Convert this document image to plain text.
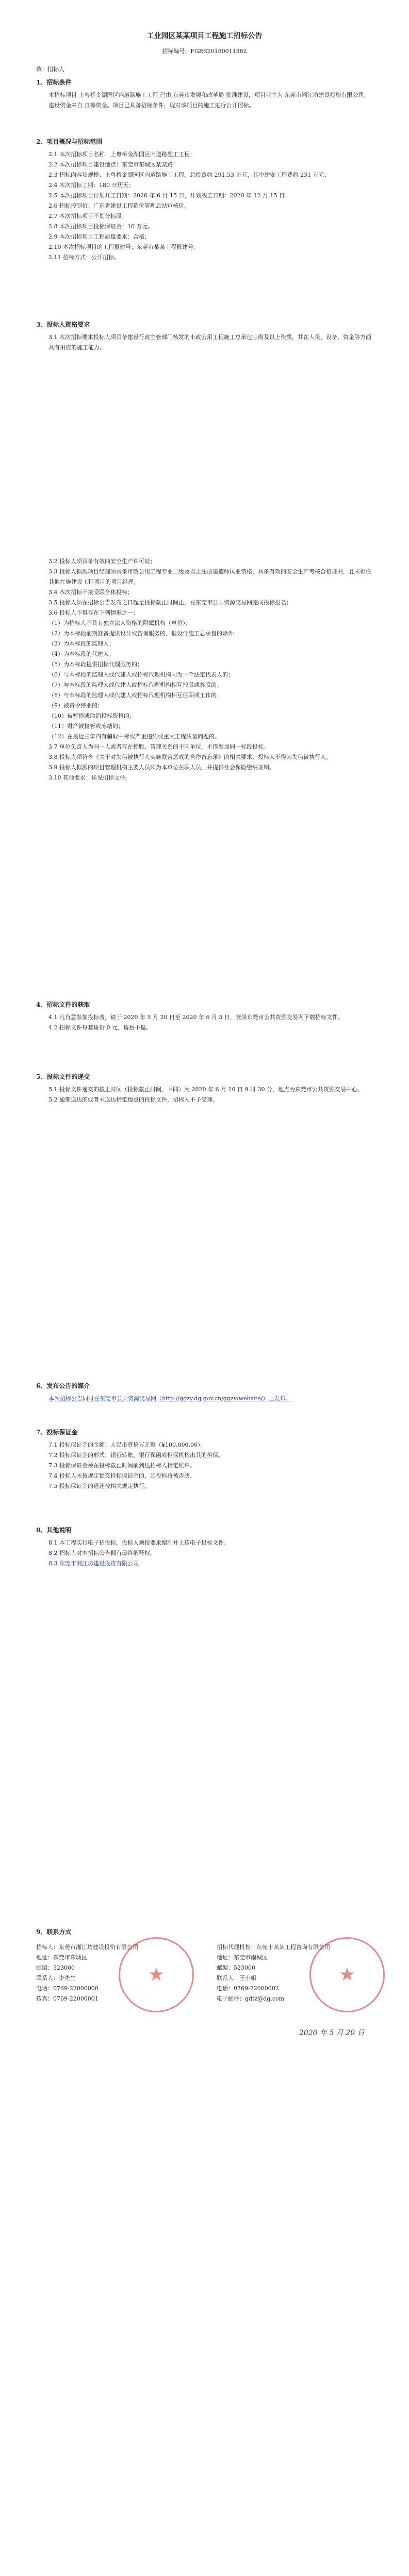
工业园区某某项目工程施工招标公告
招标编号：FGRS20180011382
致：招标人
1、招标条件
本招标项目 上粤桥金湖园区内道路施工工程 已由 东莞市发展和改革局 批准建设，项目业主为 东莞市湘江坊建设投资有限公司，建设资金来自 自筹资金。项目已具备招标条件，现对该项目的施工进行公开招标。
2、项目概况与招标范围
2.1 本次招标项目名称：上粤桥金湖园区内道路施工工程；
2.2 本次招标项目建设地点：东莞市东城区某某路；
2.3 招标内容及规模：上粤桥金湖园区内道路施工工程，总投资约 291.53 万元，其中建安工程费约 231 万元；
2.4 本次招标工期：180 日历天；
2.5 本次招标项目计划开工日期：2020 年 6 月 15 日，计划竣工日期：2020 年 12 月 15 日；
2.6 招标控制价：广东省建设工程造价管理总站审核价。
2.7 本次招标项目不划分标段；
2.8 本次招标项目投标保证金：10 万元。
2.9 本次招标项目工程质量要求：合格；
2.10 本次招标项目的工程报建号：东莞市某某工程报建号。
2.11 招标方式：公开招标。
3、投标人资格要求
3.1 本次招标要求投标人须具备建设行政主管部门核发的市政公用工程施工总承包三级及以上资质，并在人员、设备、资金等方面具有相应的施工能力。
3.2 投标人须具备有效的安全生产许可证；
3.3 投标人拟派项目经理须具备市政公用工程专业二级及以上注册建造师执业资格，具备有效的安全生产考核合格证书，且未担任其他在施建设工程项目的项目经理；
3.4 本次招标不接受联合体投标；
3.5 投标人须在招标公告发布之日起至投标截止时间止，在东莞市公共资源交易网完成投标报名；
3.6 投标人不得存在下列情形之一：
（1）为招标人不具有独立法人资格的附属机构（单位）；
（2）为本标段前期准备提供设计或咨询服务的，但设计施工总承包的除外；
（3）为本标段的监理人；
（4）为本标段的代建人；
（5）为本标段提供招标代理服务的；
（6）与本标段的监理人或代建人或招标代理机构同为一个法定代表人的；
（7）与本标段的监理人或代建人或招标代理机构相互控股或参股的；
（8）与本标段的监理人或代建人或招标代理机构相互任职或工作的；
（9）被责令停业的；
（10）被暂停或取消投标资格的；
（11）财产被接管或冻结的；
（12）在最近三年内有骗取中标或严重违约或重大工程质量问题的。
3.7 单位负责人为同一人或者存在控股、管理关系的不同单位，不得参加同一标段投标。
3.8 投标人须符合《关于对失信被执行人实施联合惩戒的合作备忘录》的相关要求，投标人不得为失信被执行人。
3.9 投标人拟派的项目管理机构主要人员须为本单位在职人员，并提供社会保险缴纳证明。
3.10 其他要求：详见招标文件。
4、招标文件的获取
4.1 凡有意参加投标者，请于 2020 年 5 月 20 日至 2020 年 6 月 5 日，登录东莞市公共资源交易网下载招标文件。
4.2 招标文件每套售价 0 元，售后不退。
5、投标文件的递交
5.1 投标文件递交的截止时间（投标截止时间，下同）为 2020 年 6 月 10 日 9 时 30 分，地点为东莞市公共资源交易中心。
5.2 逾期送达的或者未送达指定地点的投标文件，招标人不予受理。
6、发布公告的媒介
本次招标公告同时在东莞市公共资源交易网（http://ggzy.dg.gov.cn/ggzy/website/）上发布。
7、投标保证金
7.1 投标保证金的金额：人民币壹拾万元整（¥100,000.00）。
7.2 投标保证金的形式：银行转账、银行保函或担保机构出具的担保。
7.3 投标保证金须在投标截止时间前到达招标人指定账户。
7.4 投标人未按规定提交投标保证金的，其投标将被否决。
7.5 投标保证金的退还按相关规定执行。
8、其他说明
8.1 本工程实行电子招投标，投标人须按要求编制并上传电子投标文件。
8.2 招标人对本招标公告拥有最终解释权。
8.3 东莞市湘江坊建设投资有限公司
9、联系方式
招标人：东莞市湘江坊建设投资有限公司
地址：东莞市东城区
邮编：523000
联系人：李先生
电话：0769-22000000
传真：0769-22000001
招标代理机构：东莞市某某工程咨询有限公司
地址：东莞市南城区
邮编：523000
联系人：王小姐
电话：0769-22000002
电子邮件：gdtz@dg.com
★	★
2020 年 5 月 20 日
